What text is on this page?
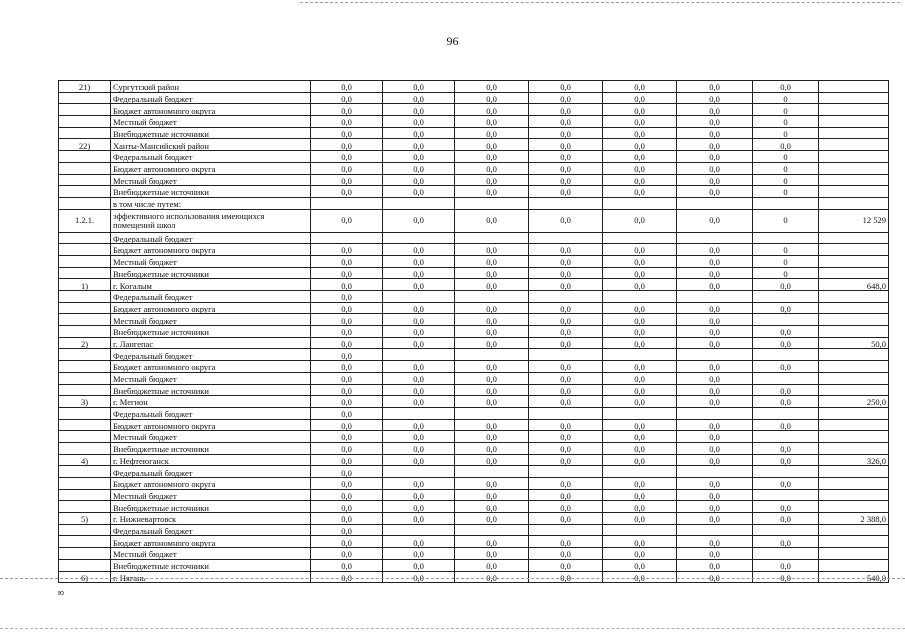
96
21)	Сургутский район	0,0	0,0	0,0	0,0	0,0	0,0	0,0	
	Федеральный бюджет	0,0	0,0	0,0	0,0	0,0	0,0	0	
	Бюджет автономного округа	0,0	0,0	0,0	0,0	0,0	0,0	0	
	Местный бюджет	0,0	0,0	0,0	0,0	0,0	0,0	0	
	Внебюджетные источники	0,0	0,0	0,0	0,0	0,0	0,0	0	
22)	Ханты-Мансийский район	0,0	0,0	0,0	0,0	0,0	0,0	0,0	
	Федеральный бюджет	0,0	0,0	0,0	0,0	0,0	0,0	0	
	Бюджет автономного округа	0,0	0,0	0,0	0,0	0,0	0,0	0	
	Местный бюджет	0,0	0,0	0,0	0,0	0,0	0,0	0	
	Внебюджетные источники	0,0	0,0	0,0	0,0	0,0	0,0	0	
	в том числе путем:								
1.2.1.	эффективного использования имеющихся помещений школ	0,0	0,0	0,0	0,0	0,0	0,0	0	12 529
	Федеральный бюджет								
	Бюджет автономного округа	0,0	0,0	0,0	0,0	0,0	0,0	0	
	Местный бюджет	0,0	0,0	0,0	0,0	0,0	0,0	0	
	Внебюджетные источники	0,0	0,0	0,0	0,0	0,0	0,0	0	
1)	г. Когалым	0,0	0,0	0,0	0,0	0,0	0,0	0,0	648,0
	Федеральный бюджет	0,0							
	Бюджет автономного округа	0,0	0,0	0,0	0,0	0,0	0,0	0,0	
	Местный бюджет	0,0	0,0	0,0	0,0	0,0	0,0		
	Внебюджетные источники	0,0	0,0	0,0	0,0	0,0	0,0	0,0	
2)	г. Лангепас	0,0	0,0	0,0	0,0	0,0	0,0	0,0	50,0
	Федеральный бюджет	0,0							
	Бюджет автономного округа	0,0	0,0	0,0	0,0	0,0	0,0	0,0	
	Местный бюджет	0,0	0,0	0,0	0,0	0,0	0,0		
	Внебюджетные источники	0,0	0,0	0,0	0,0	0,0	0,0	0,0	
3)	г. Мегион	0,0	0,0	0,0	0,0	0,0	0,0	0,0	250,0
	Федеральный бюджет	0,0							
	Бюджет автономного округа	0,0	0,0	0,0	0,0	0,0	0,0	0,0	
	Местный бюджет	0,0	0,0	0,0	0,0	0,0	0,0		
	Внебюджетные источники	0,0	0,0	0,0	0,0	0,0	0,0	0,0	
4)	г. Нефтеюганск	0,0	0,0	0,0	0,0	0,0	0,0	0,0	326,0
	Федеральный бюджет	0,0							
	Бюджет автономного округа	0,0	0,0	0,0	0,0	0,0	0,0	0,0	
	Местный бюджет	0,0	0,0	0,0	0,0	0,0	0,0		
	Внебюджетные источники	0,0	0,0	0,0	0,0	0,0	0,0	0,0	
5)	г. Нижневартовск	0,0	0,0	0,0	0,0	0,0	0,0	0,0	2 388,0
	Федеральный бюджет	0,0							
	Бюджет автономного округа	0,0	0,0	0,0	0,0	0,0	0,0	0,0	
	Местный бюджет	0,0	0,0	0,0	0,0	0,0	0,0		
	Внебюджетные источники	0,0	0,0	0,0	0,0	0,0	0,0	0,0	
6)	г. Нягань	0,0	0,0	0,0	0,0	0,0	0,0	0,0	540,0
ю
